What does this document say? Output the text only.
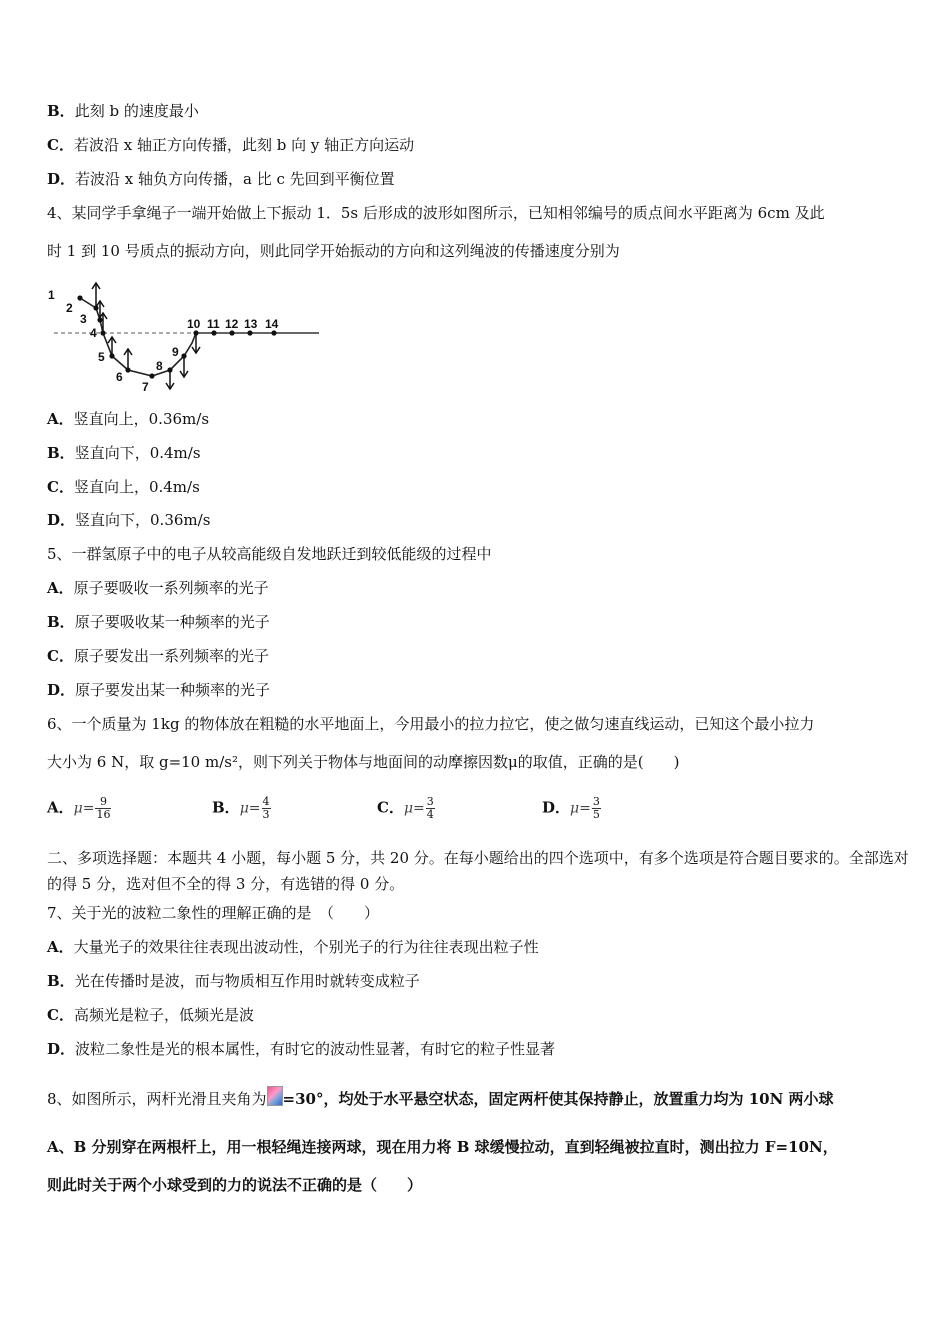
B．此刻 b 的速度最小
C．若波沿 x 轴正方向传播，此刻 b 向 y 轴正方向运动
D．若波沿 x 轴负方向传播，a 比 c 先回到平衡位置
4、某同学手拿绳子一端开始做上下振动 1．5s 后形成的波形如图所示，已知相邻编号的质点间水平距离为 6cm 及此
时 1 到 10 号质点的振动方向，则此同学开始振动的方向和这列绳波的传播速度分别为
1
2
3
4
5
6
7
8
9
10 11 12 13 14
A．竖直向上，0.36m/s
B．竖直向下，0.4m/s
C．竖直向上，0.4m/s
D．竖直向下，0.36m/s
5、一群氢原子中的电子从较高能级自发地跃迁到较低能级的过程中
A．原子要吸收一系列频率的光子
B．原子要吸收某一种频率的光子
C．原子要发出一系列频率的光子
D．原子要发出某一种频率的光子
6、一个质量为 1kg 的物体放在粗糙的水平地面上，今用最小的拉力拉它，使之做匀速直线运动，已知这个最小拉力
大小为 6 N，取 g=10 m/s²，则下列关于物体与地面间的动摩擦因数μ的取值，正确的是(　　)
A．$\mu= \frac{9}{16}$	B．$\mu= \frac{4}{3}$	C．$\mu= \frac{3}{4}$	D．$\mu= \frac{3}{5}$
二、多项选择题：本题共 4 小题，每小题 5 分，共 20 分。在每小题给出的四个选项中，有多个选项是符合题目要求的。全部选对的得 5 分，选对但不全的得 3 分，有选错的得 0 分。
7、关于光的波粒二象性的理解正确的是　（　　）
A．大量光子的效果往往表现出波动性，个别光子的行为往往表现出粒子性
B．光在传播时是波，而与物质相互作用时就转变成粒子
C．高频光是粒子，低频光是波
D．波粒二象性是光的根本属性，有时它的波动性显著，有时它的粒子性显著
8、如图所示，两杆光滑且夹角为 =30°，均处于水平悬空状态，固定两杆使其保持静止，放置重力均为 10N 两小球
A、B 分别穿在两根杆上，用一根轻绳连接两球，现在用力将 B 球缓慢拉动，直到轻绳被拉直时，测出拉力 F=10N，
则此时关于两个小球受到的力的说法不正确的是（　　）
